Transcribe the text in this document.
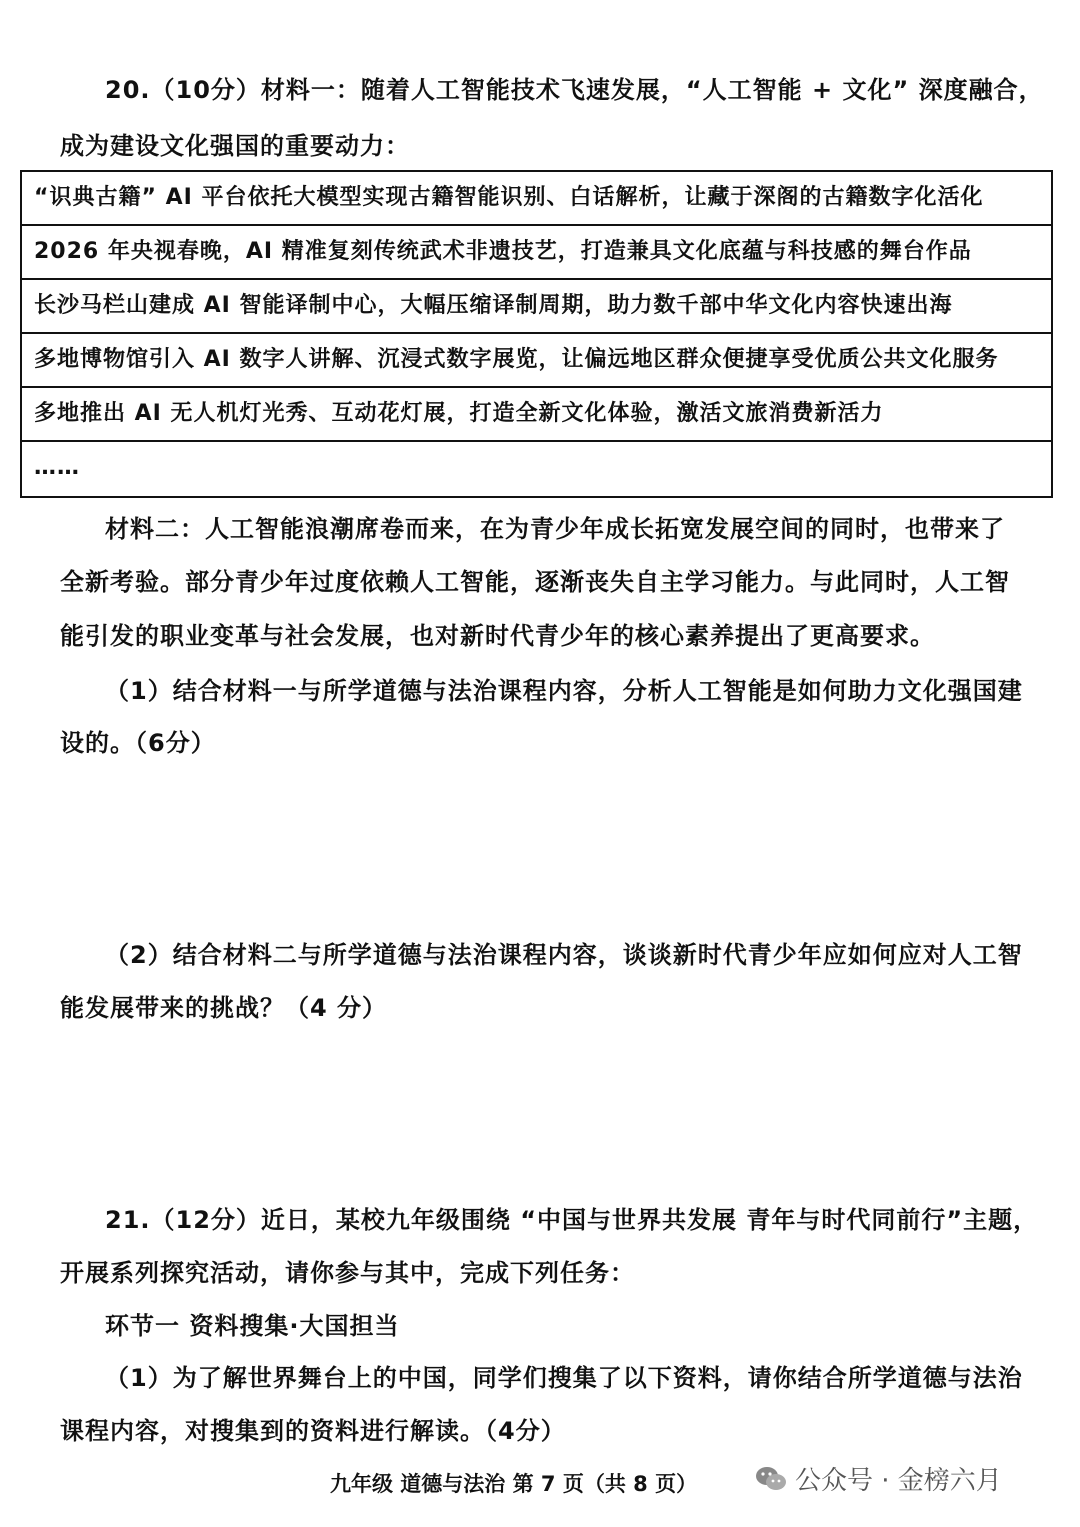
20.（10分）材料一：随着人工智能技术飞速发展，“人工智能 + 文化” 深度融合，
成为建设文化强国的重要动力：
“识典古籍” AI 平台依托大模型实现古籍智能识别、白话解析，让藏于深阁的古籍数字化活化
2026 年央视春晚，AI 精准复刻传统武术非遗技艺，打造兼具文化底蕴与科技感的舞台作品
长沙马栏山建成 AI 智能译制中心，大幅压缩译制周期，助力数千部中华文化内容快速出海
多地博物馆引入 AI 数字人讲解、沉浸式数字展览，让偏远地区群众便捷享受优质公共文化服务
多地推出 AI 无人机灯光秀、互动花灯展，打造全新文化体验，激活文旅消费新活力
……
材料二：人工智能浪潮席卷而来，在为青少年成长拓宽发展空间的同时，也带来了
全新考验。部分青少年过度依赖人工智能，逐渐丧失自主学习能力。与此同时，人工智
能引发的职业变革与社会发展，也对新时代青少年的核心素养提出了更高要求。
（1）结合材料一与所学道德与法治课程内容，分析人工智能是如何助力文化强国建
设的。（6分）
（2）结合材料二与所学道德与法治课程内容，谈谈新时代青少年应如何应对人工智
能发展带来的挑战？（4 分）
21.（12分）近日，某校九年级围绕 “中国与世界共发展 青年与时代同前行”主题，
开展系列探究活动，请你参与其中，完成下列任务：
环节一 资料搜集·大国担当
（1）为了解世界舞台上的中国，同学们搜集了以下资料，请你结合所学道德与法治
课程内容，对搜集到的资料进行解读。（4分）
九年级 道德与法治 第 7 页（共 8 页）	公众号 · 金榜六月
